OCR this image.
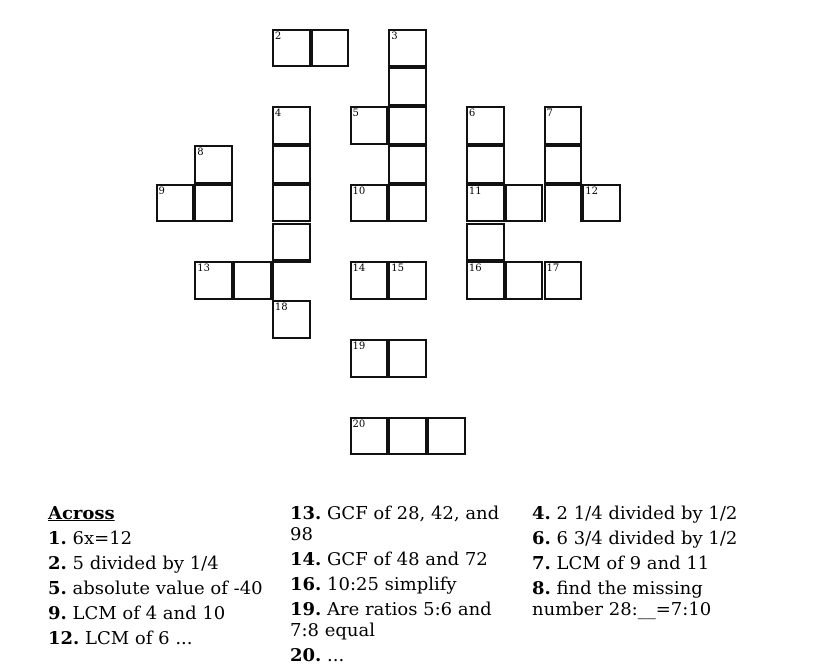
2	3
4	5	6	7
8
9	10	11	12
13	14	15	16	17
18
19
20
Across
1. 6x=12
2. 5 divided by 1/4
5. absolute value of -40
9. LCM of 4 and 10
12. LCM of 6 ...
13. GCF of 28, 42, and 98
14. GCF of 48 and 72
16. 10:25 simplify
19. Are ratios 5:6 and 7:8 equal
20. ...
4. 2 1/4 divided by 1/2
6. 6 3/4 divided by 1/2
7. LCM of 9 and 11
8. find the missing number 28:__=7:10
